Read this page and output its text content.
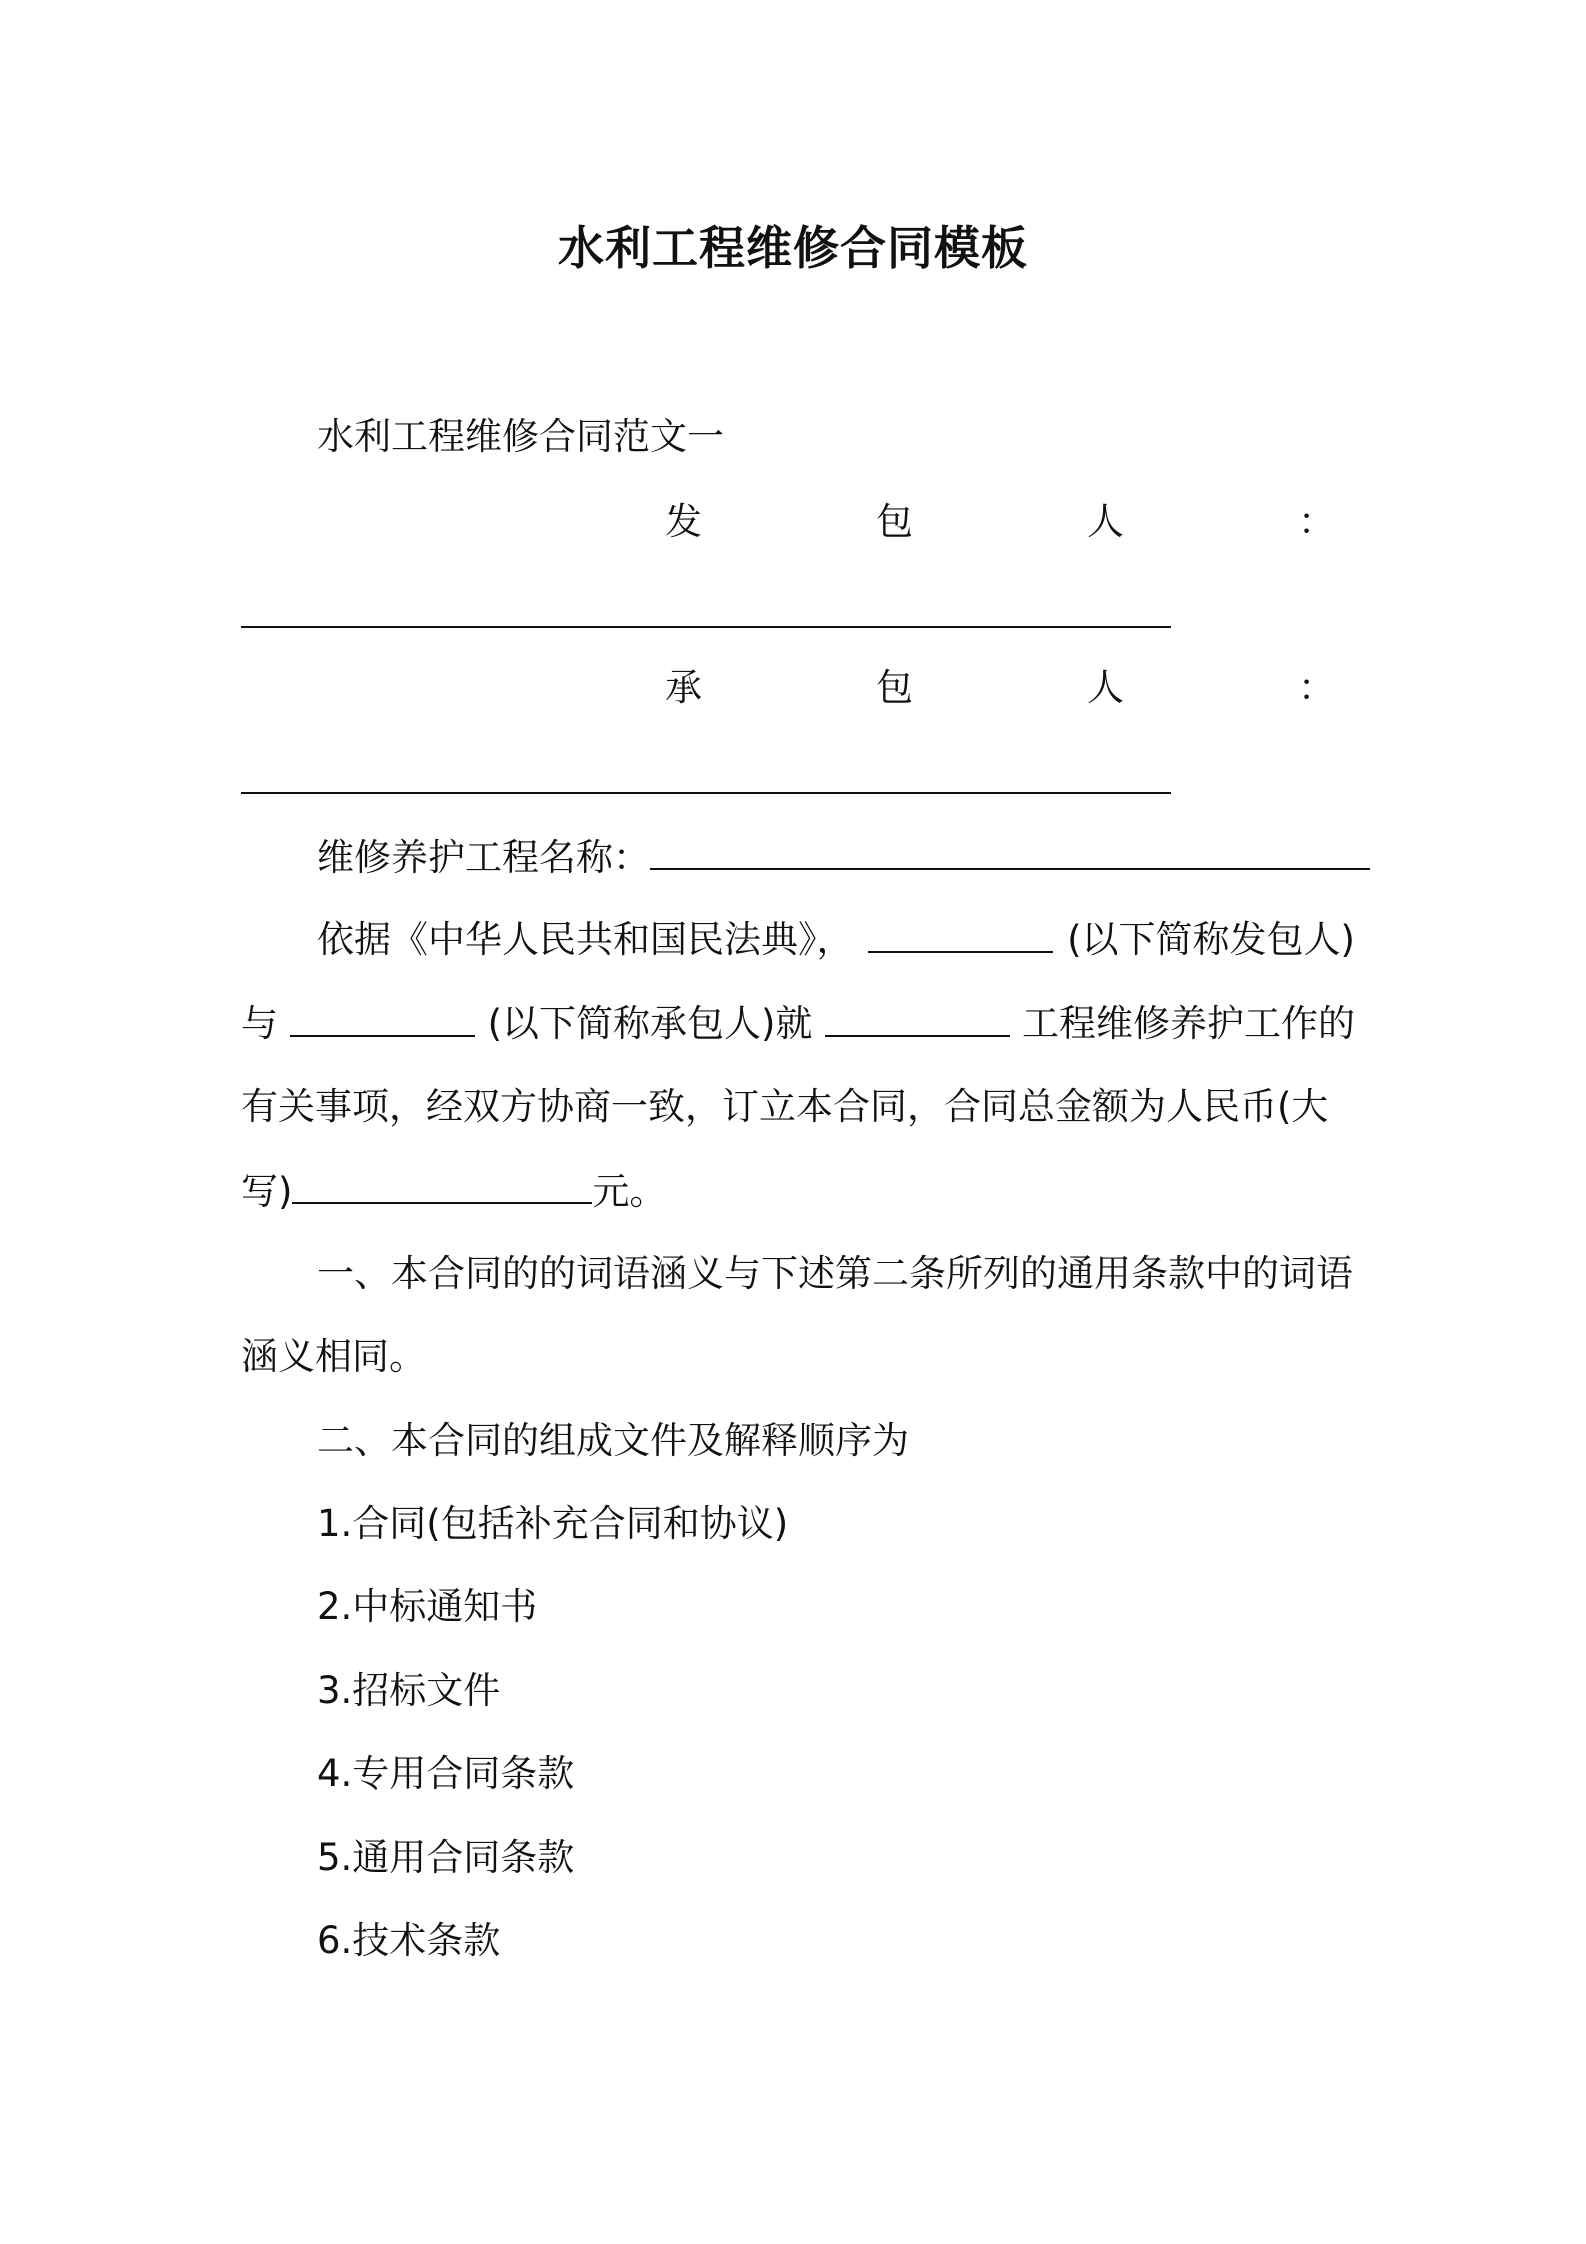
水利工程维修合同模板
水利工程维修合同范文一
发	包	人	：
承	包	人	：
维修养护工程名称：
依据《中华人民共和国民法典》，	(以下简称发包人)
与	(以下简称承包人)就	工程维修养护工作的
有关事项，经双方协商一致，订立本合同，合同总金额为人民币(大
写)	元。
一、本合同的的词语涵义与下述第二条所列的通用条款中的词语
涵义相同。
二、本合同的组成文件及解释顺序为
1.合同(包括补充合同和协议)
2.中标通知书
3.招标文件
4.专用合同条款
5.通用合同条款
6.技术条款
